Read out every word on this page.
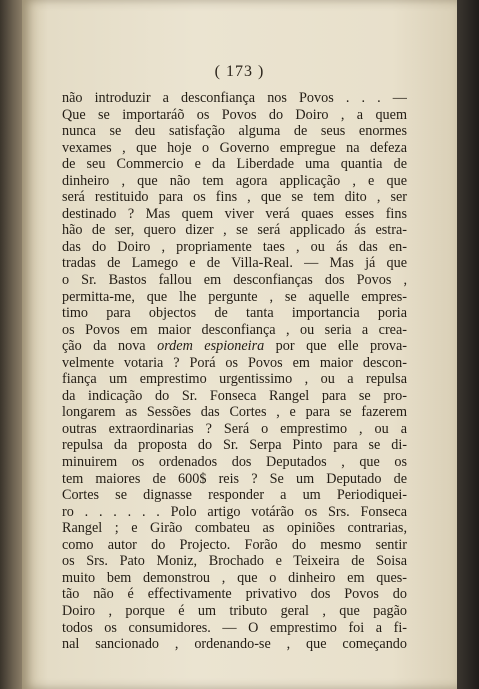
( 173 )
não introduzir a desconfiança nos Povos . . . —
Que se importaráõ os Povos do Doiro , a quem
nunca se deu satisfação alguma de seus enormes
vexames , que hoje o Governo empregue na defeza
de seu Commercio e da Liberdade uma quantia de
dinheiro , que não tem agora applicação , e que
será restituido para os fins , que se tem dito , ser
destinado ? Mas quem viver verá quaes esses fins
hão de ser, quero dizer , se será applicado ás estra-
das do Doiro , propriamente taes , ou ás das en-
tradas de Lamego e de Villa-Real. — Mas já que
o Sr. Bastos fallou em desconfianças dos Povos ,
permitta-me, que lhe pergunte , se aquelle empres-
timo para objectos de tanta importancia poria
os Povos em maior desconfiança , ou seria a crea-
ção da nova ordem espioneira por que elle prova-
velmente votaria ? Porá os Povos em maior descon-
fiança um emprestimo urgentissimo , ou a repulsa
da indicação do Sr. Fonseca Rangel para se pro-
longarem as Sessões das Cortes , e para se fazerem
outras extraordinarias ? Será o emprestimo , ou a
repulsa da proposta do Sr. Serpa Pinto para se di-
minuirem os ordenados dos Deputados , que os
tem maiores de 600$ reis ? Se um Deputado de
Cortes se dignasse responder a um Periodiquei-
ro . . . . . . Polo artigo votárão os Srs. Fonseca
Rangel ; e Girão combateu as opiniões contrarias,
como autor do Projecto. Forão do mesmo sentir
os Srs. Pato Moniz, Brochado e Teixeira de Soisa
muito bem demonstrou , que o dinheiro em ques-
tão não é effectivamente privativo dos Povos do
Doiro , porque é um tributo geral , que pagão
todos os consumidores. — O emprestimo foi a fi-
nal sancionado , ordenando-se , que começando
